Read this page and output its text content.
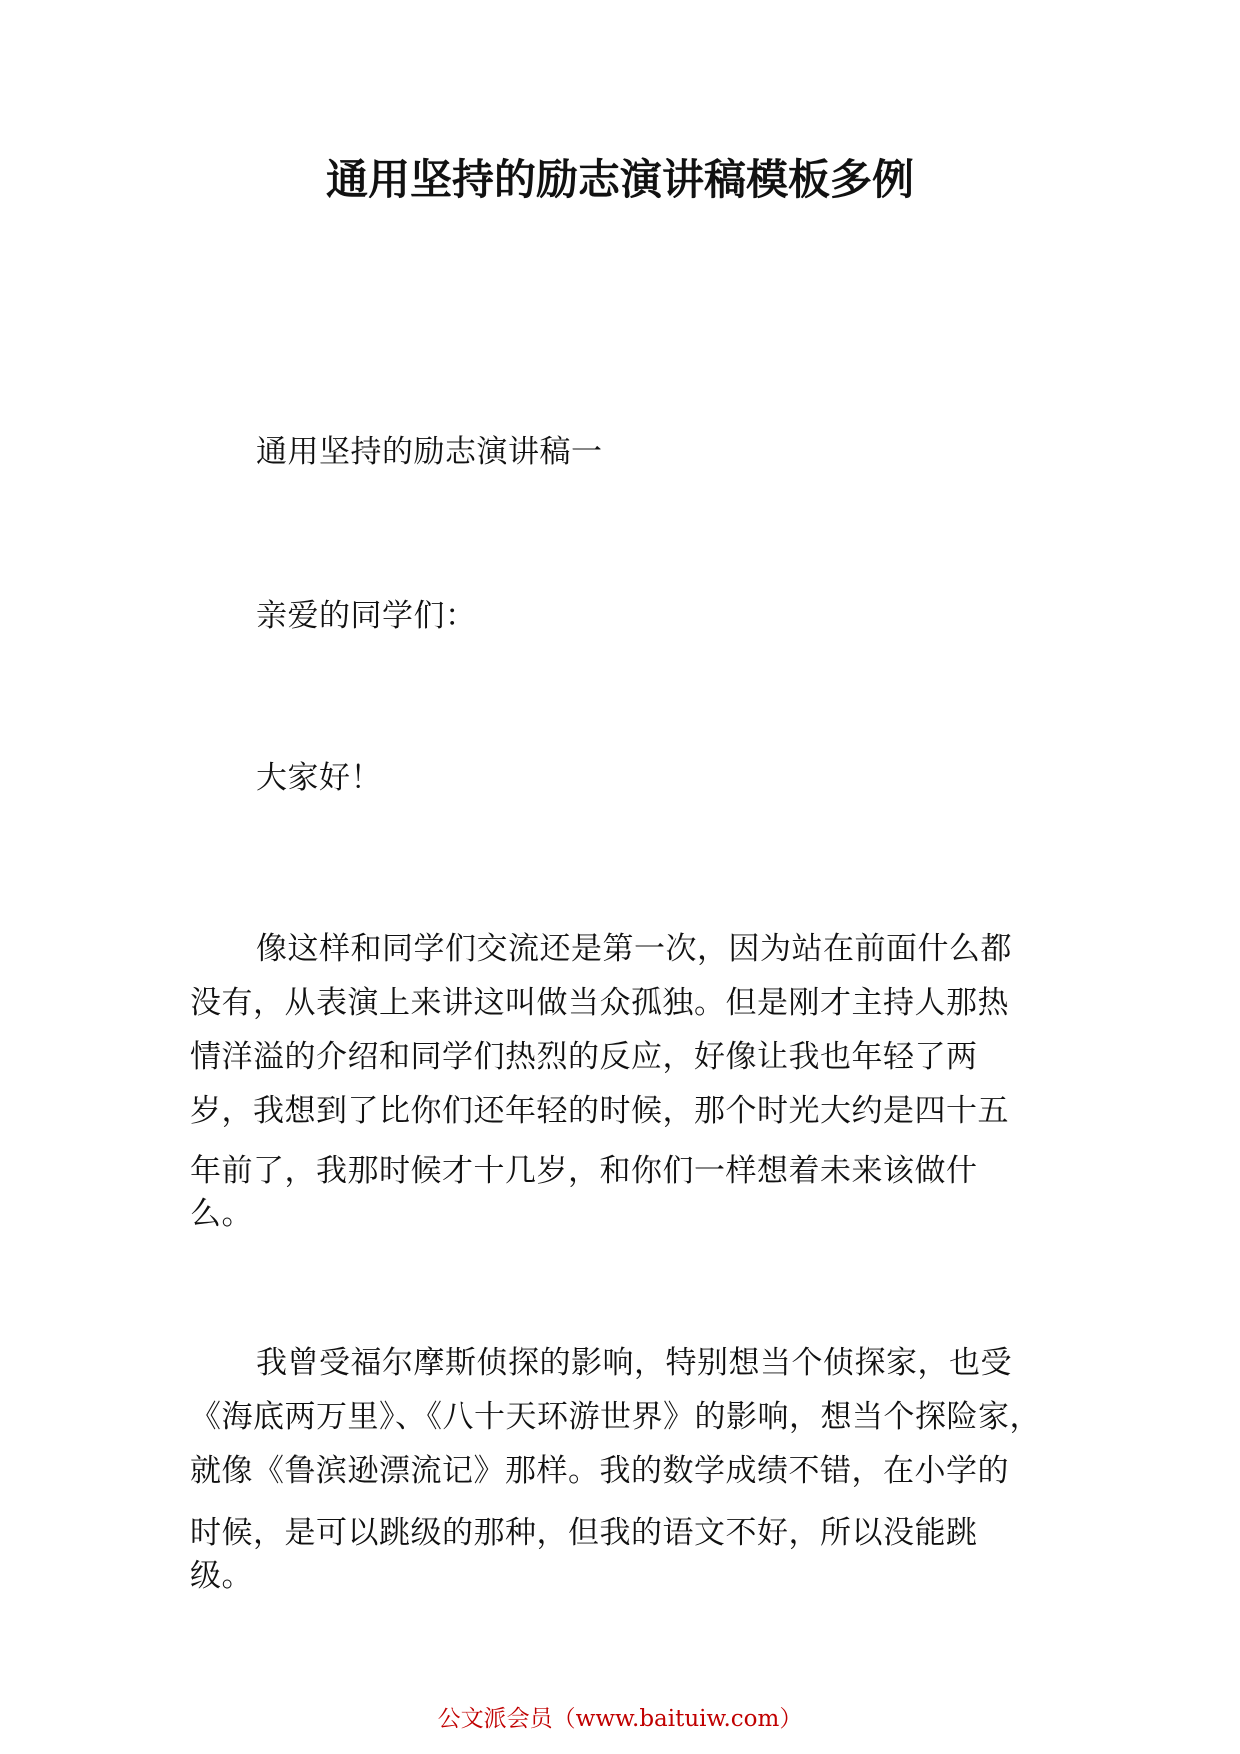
通用坚持的励志演讲稿模板多例

通用坚持的励志演讲稿一

亲爱的同学们：

大家好！

像这样和同学们交流还是第一次，因为站在前面什么都
没有，从表演上来讲这叫做当众孤独。但是刚才主持人那热
情洋溢的介绍和同学们热烈的反应，好像让我也年轻了两
岁，我想到了比你们还年轻的时候，那个时光大约是四十五
年前了，我那时候才十几岁，和你们一样想着未来该做什
么。
我曾受福尔摩斯侦探的影响，特别想当个侦探家，也受
《海底两万里》、《八十天环游世界》的影响，想当个探险家，
就像《鲁滨逊漂流记》那样。我的数学成绩不错，在小学的
时候，是可以跳级的那种，但我的语文不好，所以没能跳
级。
公文派会员（www.baituiw.com）
